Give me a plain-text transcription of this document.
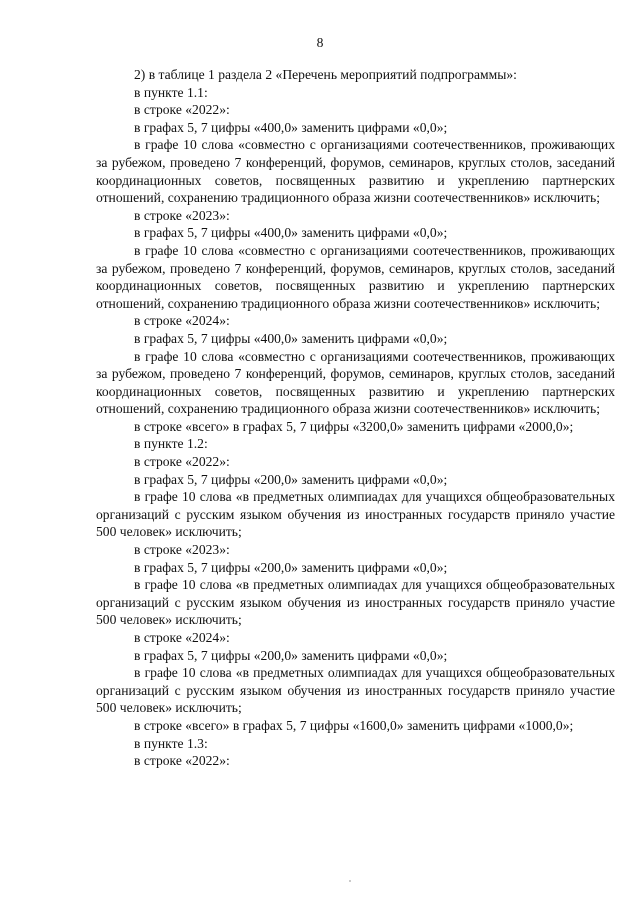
8

2) в таблице 1 раздела 2 «Перечень мероприятий подпрограммы»:

в пункте 1.1:

в строке «2022»:

в графах 5, 7 цифры «400,0» заменить цифрами «0,0»;

в графе 10 слова «совместно с организациями соотечественников, проживающих за рубежом, проведено 7 конференций, форумов, семинаров, круглых столов, заседаний координационных советов, посвященных развитию и укреплению партнерских отношений, сохранению традиционного образа жизни соотечественников» исключить;

в строке «2023»:

в графах 5, 7 цифры «400,0» заменить цифрами «0,0»;

в графе 10 слова «совместно с организациями соотечественников, проживающих за рубежом, проведено 7 конференций, форумов, семинаров, круглых столов, заседаний координационных советов, посвященных развитию и укреплению партнерских отношений, сохранению традиционного образа жизни соотечественников» исключить;

в строке «2024»:

в графах 5, 7 цифры «400,0» заменить цифрами «0,0»;

в графе 10 слова «совместно с организациями соотечественников, проживающих за рубежом, проведено 7 конференций, форумов, семинаров, круглых столов, заседаний координационных советов, посвященных развитию и укреплению партнерских отношений, сохранению традиционного образа жизни соотечественников» исключить;

в строке «всего» в графах 5, 7 цифры «3200,0» заменить цифрами «2000,0»;

в пункте 1.2:

в строке «2022»:

в графах 5, 7 цифры «200,0» заменить цифрами «0,0»;

в графе 10 слова «в предметных олимпиадах для учащихся общеобразовательных организаций с русским языком обучения из иностранных государств приняло участие 500 человек» исключить;

в строке «2023»:

в графах 5, 7 цифры «200,0» заменить цифрами «0,0»;

в графе 10 слова «в предметных олимпиадах для учащихся общеобразовательных организаций с русским языком обучения из иностранных государств приняло участие 500 человек» исключить;

в строке «2024»:

в графах 5, 7 цифры «200,0» заменить цифрами «0,0»;

в графе 10 слова «в предметных олимпиадах для учащихся общеобразовательных организаций с русским языком обучения из иностранных государств приняло участие 500 человек» исключить;

в строке «всего» в графах 5, 7 цифры «1600,0» заменить цифрами «1000,0»;

в пункте 1.3:

в строке «2022»:
